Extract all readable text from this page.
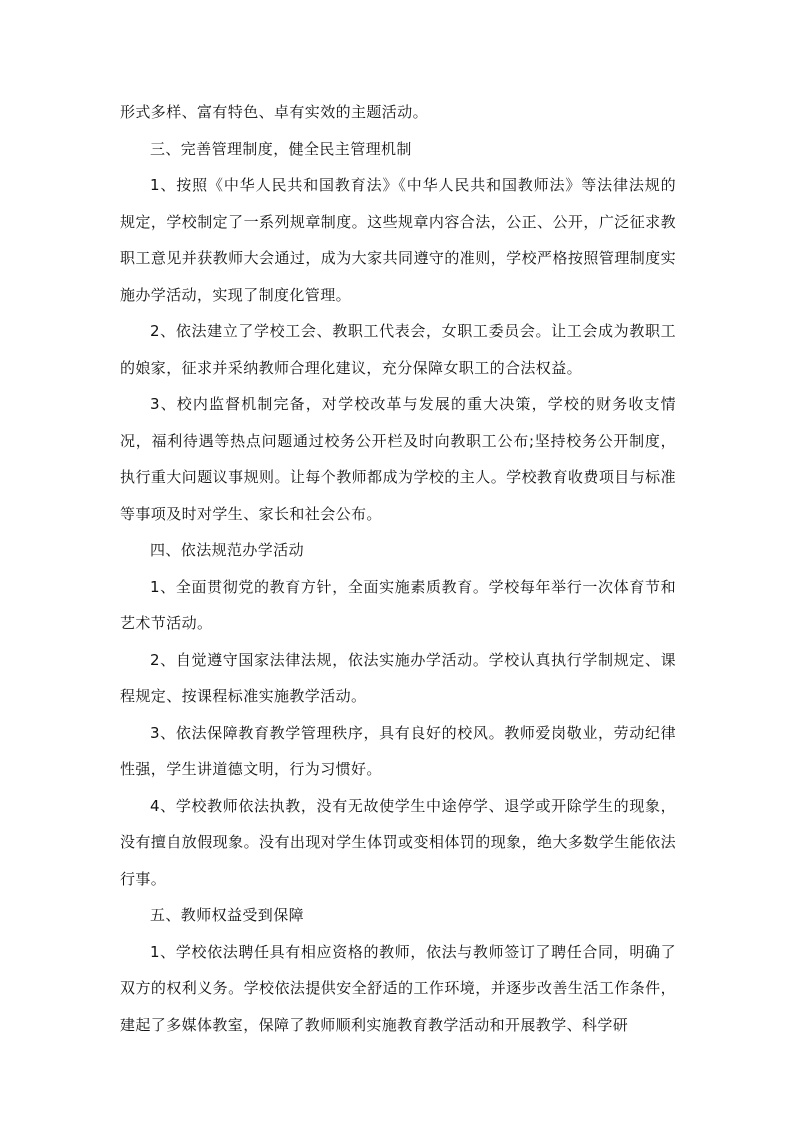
形式多样、富有特色、卓有实效的主题活动。

三、完善管理制度，健全民主管理机制

1、按照《中华人民共和国教育法》《中华人民共和国教师法》等法律法规的规定，学校制定了一系列规章制度。这些规章内容合法，公正、公开，广泛征求教职工意见并获教师大会通过，成为大家共同遵守的准则，学校严格按照管理制度实施办学活动，实现了制度化管理。

2、依法建立了学校工会、教职工代表会，女职工委员会。让工会成为教职工的娘家，征求并采纳教师合理化建议，充分保障女职工的合法权益。

3、校内监督机制完备，对学校改革与发展的重大决策，学校的财务收支情况，福利待遇等热点问题通过校务公开栏及时向教职工公布;坚持校务公开制度，执行重大问题议事规则。让每个教师都成为学校的主人。学校教育收费项目与标准等事项及时对学生、家长和社会公布。

四、依法规范办学活动

1、全面贯彻党的教育方针，全面实施素质教育。学校每年举行一次体育节和艺术节活动。

2、自觉遵守国家法律法规，依法实施办学活动。学校认真执行学制规定、课程规定、按课程标准实施教学活动。

3、依法保障教育教学管理秩序，具有良好的校风。教师爱岗敬业，劳动纪律性强，学生讲道德文明，行为习惯好。

4、学校教师依法执教，没有无故使学生中途停学、退学或开除学生的现象，没有擅自放假现象。没有出现对学生体罚或变相体罚的现象，绝大多数学生能依法行事。

五、教师权益受到保障

1、学校依法聘任具有相应资格的教师，依法与教师签订了聘任合同，明确了双方的权利义务。学校依法提供安全舒适的工作环境，并逐步改善生活工作条件，建起了多媒体教室，保障了教师顺利实施教育教学活动和开展教学、科学研
